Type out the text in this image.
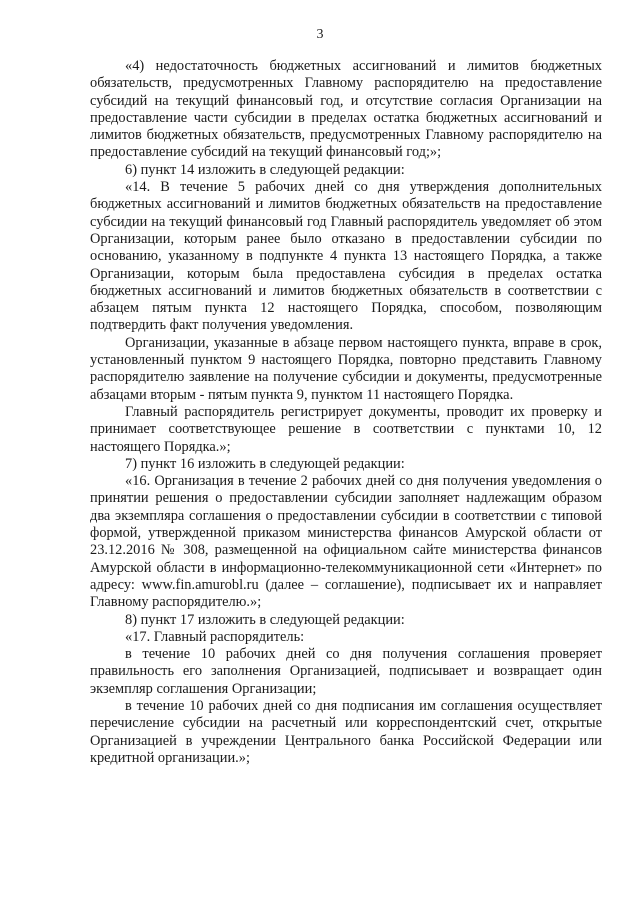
3

«4) недостаточность бюджетных ассигнований и лимитов бюджетных обязательств, предусмотренных Главному распорядителю на предоставление субсидий на текущий финансовый год, и отсутствие согласия Организации на предоставление части субсидии в пределах остатка бюджетных ассигнований и лимитов бюджетных обязательств, предусмотренных Главному распорядителю на предоставление субсидий на текущий финансовый год;»;

6) пункт 14 изложить в следующей редакции:

«14. В течение 5 рабочих дней со дня утверждения дополнительных бюджетных ассигнований и лимитов бюджетных обязательств на предоставление субсидии на текущий финансовый год Главный распорядитель уведомляет об этом Организации, которым ранее было отказано в предоставлении субсидии по основанию, указанному в подпункте 4 пункта 13 настоящего Порядка, а также Организации, которым была предоставлена субсидия в пределах остатка бюджетных ассигнований и лимитов бюджетных обязательств в соответствии с абзацем пятым пункта 12 настоящего Порядка, способом, позволяющим подтвердить факт получения уведомления.

Организации, указанные в абзаце первом настоящего пункта, вправе в срок, установленный пунктом 9 настоящего Порядка, повторно представить Главному распорядителю заявление на получение субсидии и документы, предусмотренные абзацами вторым - пятым пункта 9, пунктом 11 настоящего Порядка.

Главный распорядитель регистрирует документы, проводит их проверку и принимает соответствующее решение в соответствии с пунктами 10, 12 настоящего Порядка.»;

7) пункт 16 изложить в следующей редакции:

«16. Организация в течение 2 рабочих дней со дня получения уведомления о принятии решения о предоставлении субсидии заполняет надлежащим образом два экземпляра соглашения о предоставлении субсидии в соответствии с типовой формой, утвержденной приказом министерства финансов Амурской области от 23.12.2016 № 308, размещенной на официальном сайте министерства финансов Амурской области в информационно-телекоммуникационной сети «Интернет» по адресу: www.fin.amurobl.ru (далее – соглашение), подписывает их и направляет Главному распорядителю.»;

8) пункт 17 изложить в следующей редакции:

«17. Главный распорядитель:

в течение 10 рабочих дней со дня получения соглашения проверяет правильность его заполнения Организацией, подписывает и возвращает один экземпляр соглашения Организации;

в течение 10 рабочих дней со дня подписания им соглашения осуществляет перечисление субсидии на расчетный или корреспондентский счет, открытые Организацией в учреждении Центрального банка Российской Федерации или кредитной организации.»;
